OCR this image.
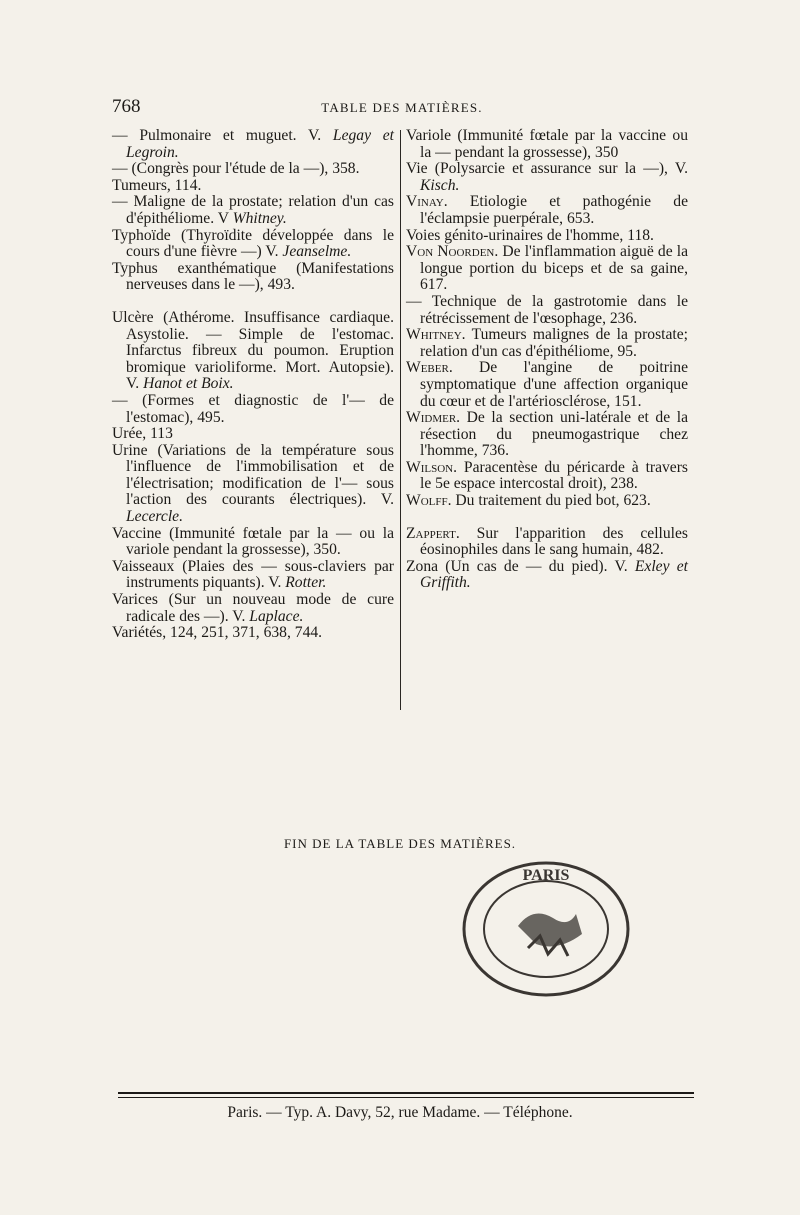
768	TABLE DES MATIÈRES.

— Pulmonaire et muguet. V. Legay et Legroin.

— (Congrès pour l'étude de la —), 358.

Tumeurs, 114.

— Maligne de la prostate; relation d'un cas d'épithéliome. V Whitney.

Typhoïde (Thyroïdite développée dans le cours d'une fièvre —) V. Jeanselme.

Typhus exanthématique (Manifestations nerveuses dans le —), 493.

Ulcère (Athérome. Insuffisance cardiaque. Asystolie. — Simple de l'estomac. Infarctus fibreux du poumon. Eruption bromique varioliforme. Mort. Autopsie). V. Hanot et Boix.

— (Formes et diagnostic de l'— de l'estomac), 495.

Urée, 113

Urine (Variations de la température sous l'influence de l'immobilisation et de l'électrisation; modification de l'— sous l'action des courants électriques). V. Lecercle.

Vaccine (Immunité fœtale par la — ou la variole pendant la grossesse), 350.

Vaisseaux (Plaies des — sous-claviers par instruments piquants). V. Rotter.

Varices (Sur un nouveau mode de cure radicale des —). V. Laplace.

Variétés, 124, 251, 371, 638, 744.

Variole (Immunité fœtale par la vaccine ou la — pendant la grossesse), 350

Vie (Polysarcie et assurance sur la —), V. Kisch.

Vinay. Etiologie et pathogénie de l'éclampsie puerpérale, 653.

Voies génito-urinaires de l'homme, 118.

Von Noorden. De l'inflammation aiguë de la longue portion du biceps et de sa gaine, 617.

— Technique de la gastrotomie dans le rétrécissement de l'œsophage, 236.

Whitney. Tumeurs malignes de la prostate; relation d'un cas d'épithéliome, 95.

Weber. De l'angine de poitrine symptomatique d'une affection organique du cœur et de l'artériosclérose, 151.

Widmer. De la section uni-latérale et de la résection du pneumogastrique chez l'homme, 736.

Wilson. Paracentèse du péricarde à travers le 5e espace intercostal droit), 238.

Wolff. Du traitement du pied bot, 623.

Zappert. Sur l'apparition des cellules éosinophiles dans le sang humain, 482.

Zona (Un cas de — du pied). V. Exley et Griffith.

FIN DE LA TABLE DES MATIÈRES.
PARIS
Paris. — Typ. A. Davy, 52, rue Madame. — Téléphone.
